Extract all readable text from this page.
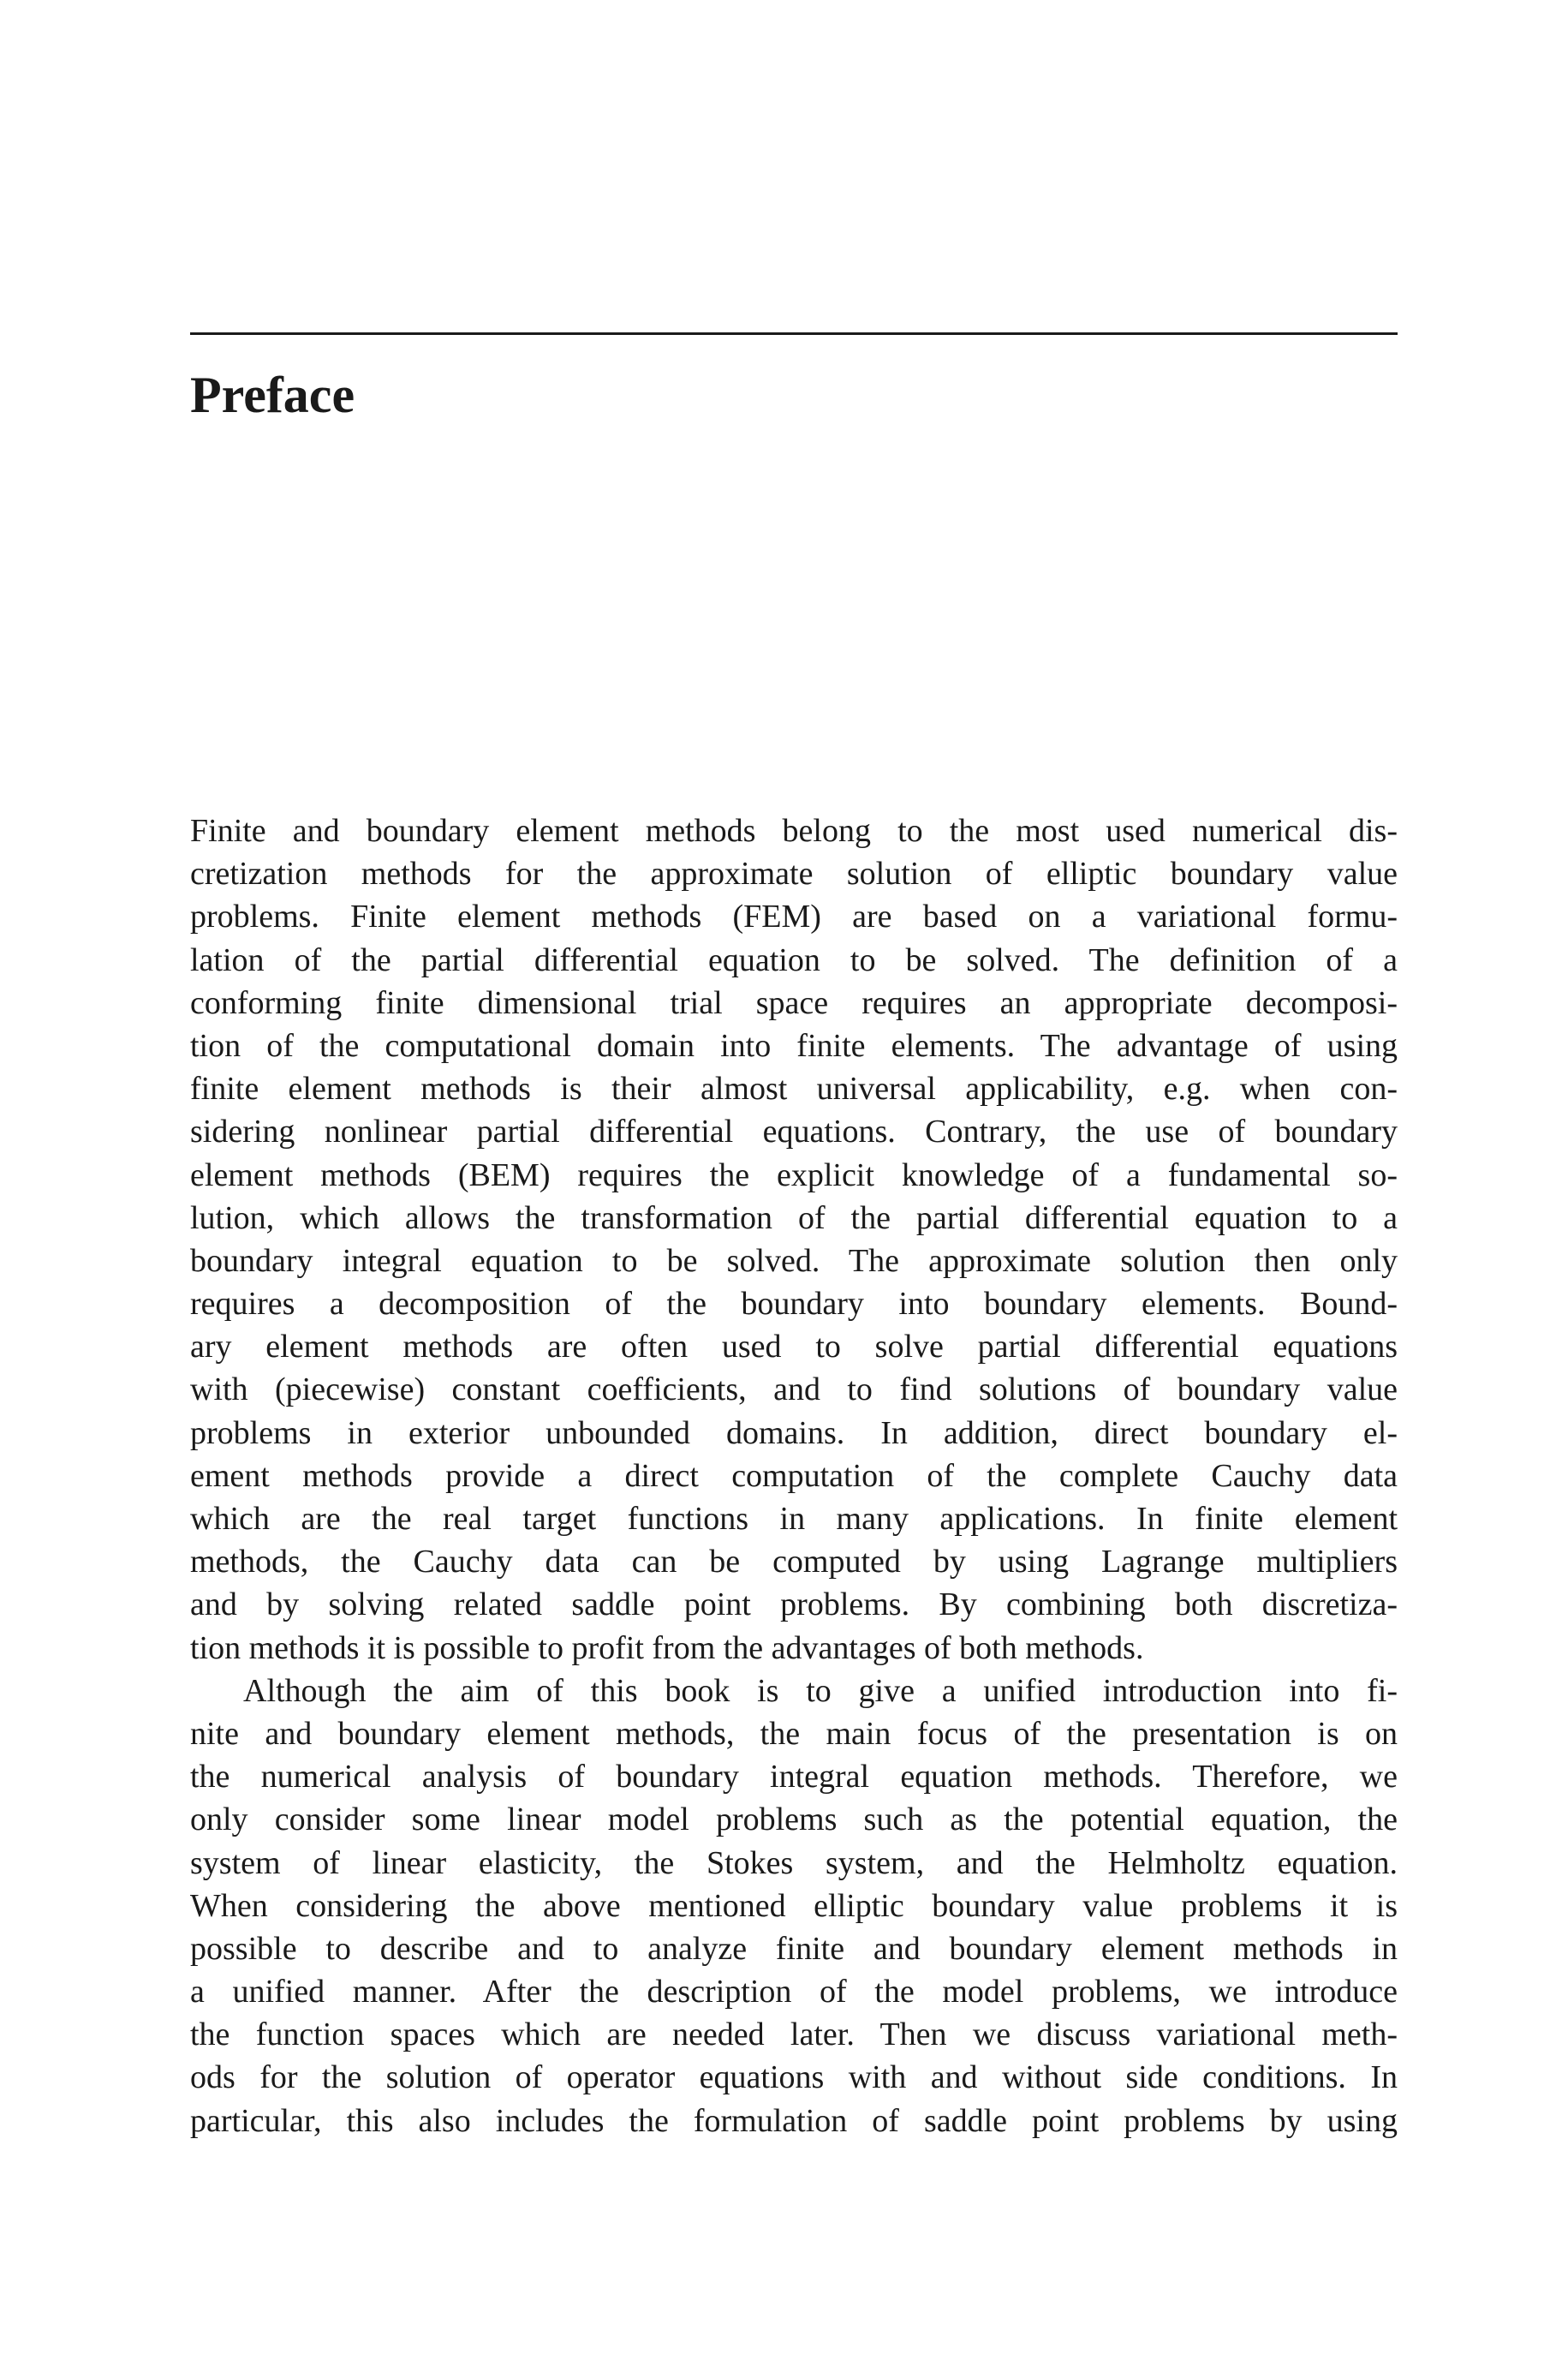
Preface
Finite and boundary element methods belong to the most used numerical dis-
cretization methods for the approximate solution of elliptic boundary value
problems. Finite element methods (FEM) are based on a variational formu-
lation of the partial differential equation to be solved. The definition of a
conforming finite dimensional trial space requires an appropriate decomposi-
tion of the computational domain into finite elements. The advantage of using
finite element methods is their almost universal applicability, e.g. when con-
sidering nonlinear partial differential equations. Contrary, the use of boundary
element methods (BEM) requires the explicit knowledge of a fundamental so-
lution, which allows the transformation of the partial differential equation to a
boundary integral equation to be solved. The approximate solution then only
requires a decomposition of the boundary into boundary elements. Bound-
ary element methods are often used to solve partial differential equations
with (piecewise) constant coefficients, and to find solutions of boundary value
problems in exterior unbounded domains. In addition, direct boundary el-
ement methods provide a direct computation of the complete Cauchy data
which are the real target functions in many applications. In finite element
methods, the Cauchy data can be computed by using Lagrange multipliers
and by solving related saddle point problems. By combining both discretiza-
tion methods it is possible to profit from the advantages of both methods.
Although the aim of this book is to give a unified introduction into fi-
nite and boundary element methods, the main focus of the presentation is on
the numerical analysis of boundary integral equation methods. Therefore, we
only consider some linear model problems such as the potential equation, the
system of linear elasticity, the Stokes system, and the Helmholtz equation.
When considering the above mentioned elliptic boundary value problems it is
possible to describe and to analyze finite and boundary element methods in
a unified manner. After the description of the model problems, we introduce
the function spaces which are needed later. Then we discuss variational meth-
ods for the solution of operator equations with and without side conditions. In
particular, this also includes the formulation of saddle point problems by using
